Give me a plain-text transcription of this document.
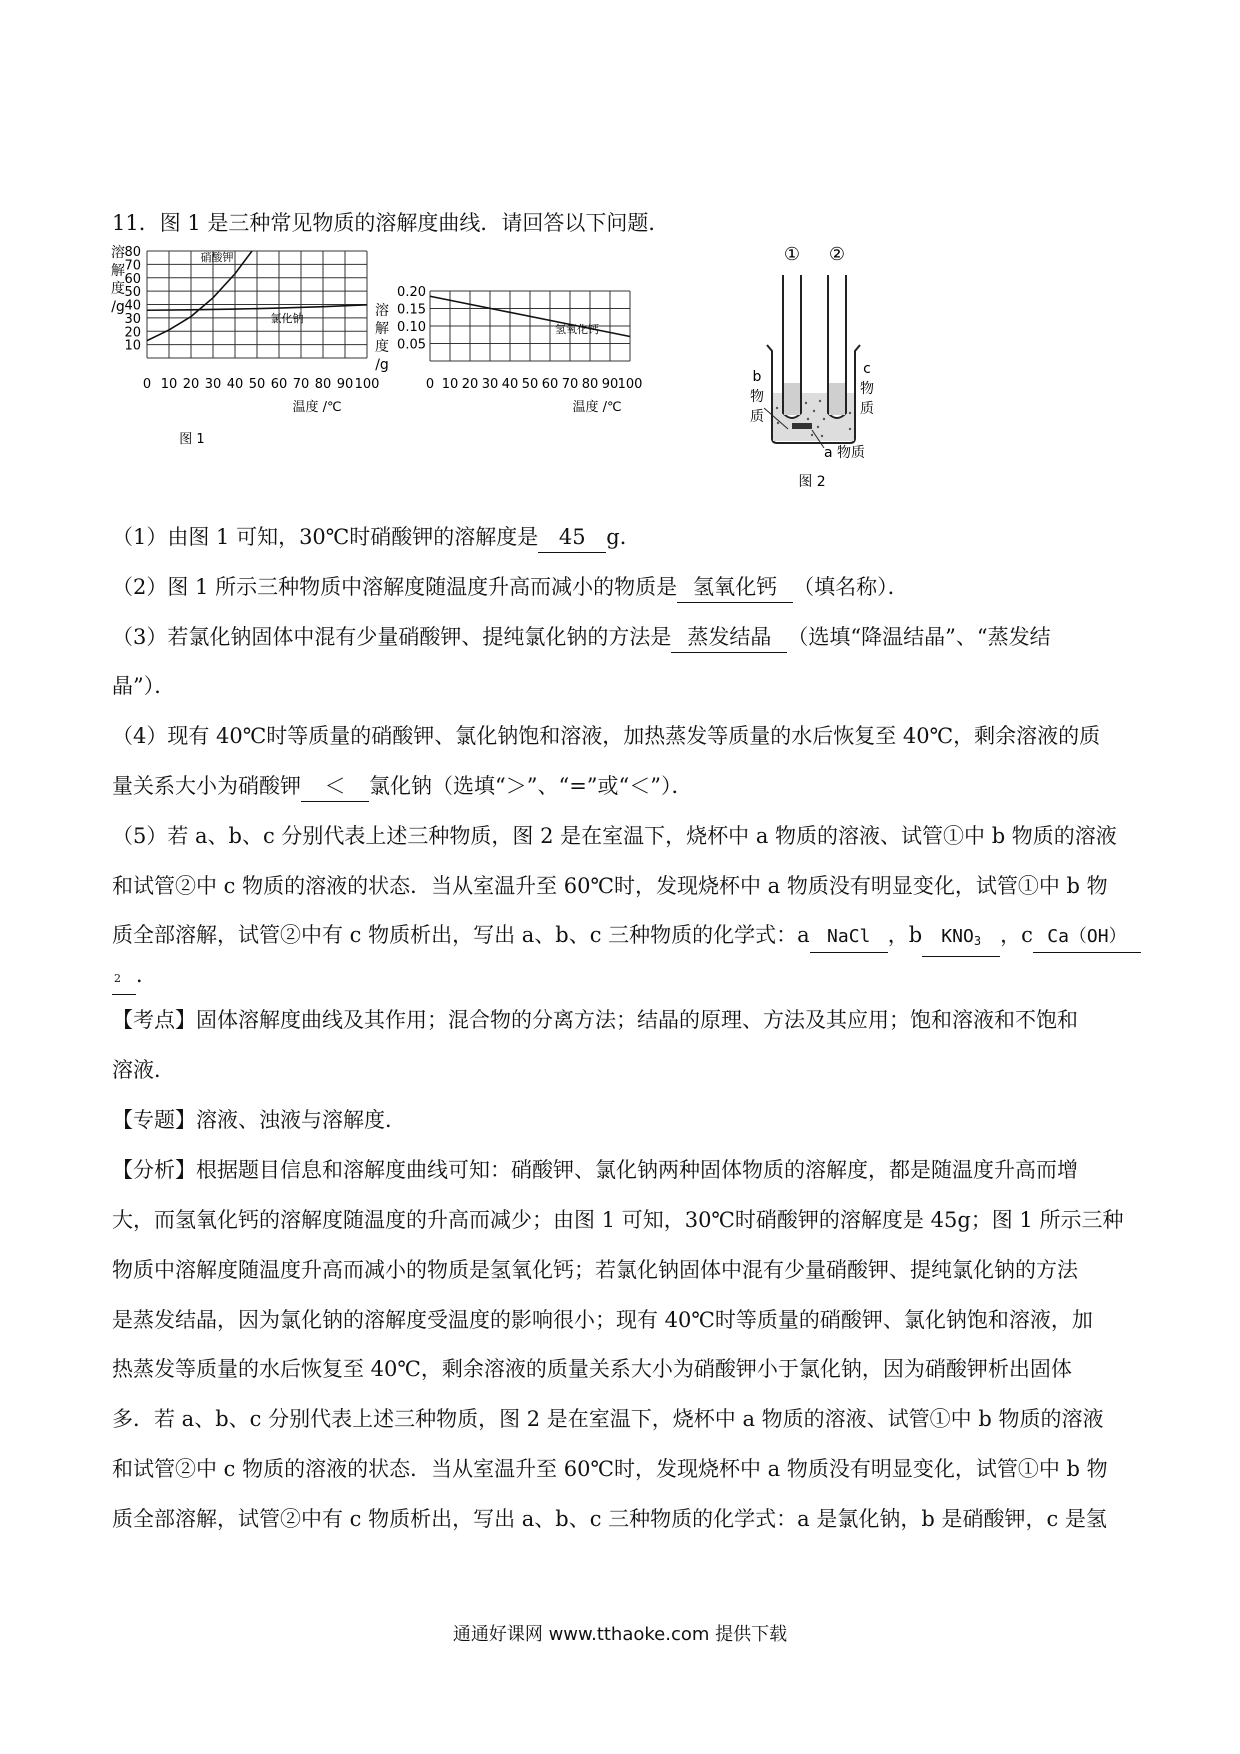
11．图 1 是三种常见物质的溶解度曲线．请回答以下问题．
80
70
60
50
40
30
20
10
0 10 20 30 40 50 60 70 80 90 100
溶
解
度
/g
温度 /℃
图 1
硝酸钾
氯化钠
0.20
0.15
0.10
0.05
0 10 20 30 40 50 60 70 80 90 100
溶
解
度
/g
温度 /℃
氢氧化钙
① ②
b
物
质
c
物
质
a 物质
图 2
（1）由图 1 可知，30℃时硝酸钾的溶解度是 45 g．
（2）图 1 所示三种物质中溶解度随温度升高而减小的物质是 氢氧化钙 （填名称）．
（3）若氯化钠固体中混有少量硝酸钾、提纯氯化钠的方法是 蒸发结晶 （选填“降温结晶”、“蒸发结
晶”）．
（4）现有 40℃时等质量的硝酸钾、氯化钠饱和溶液，加热蒸发等质量的水后恢复至 40℃，剩余溶液的质
量关系大小为硝酸钾 ＜ 氯化钠（选填“＞”、“=”或“＜”）．
（5）若 a、b、c 分别代表上述三种物质，图 2 是在室温下，烧杯中 a 物质的溶液、试管①中 b 物质的溶液
和试管②中 c 物质的溶液的状态．当从室温升至 60℃时，发现烧杯中 a 物质没有明显变化，试管①中 b 物
质全部溶解，试管②中有 c 物质析出，写出 a、b、c 三种物质的化学式：a NaCl ，b $KNO_3$ ，c Ca（OH）
2 ．
【考点】固体溶解度曲线及其作用；混合物的分离方法；结晶的原理、方法及其应用；饱和溶液和不饱和
溶液．
【专题】溶液、浊液与溶解度．
【分析】根据题目信息和溶解度曲线可知：硝酸钾、氯化钠两种固体物质的溶解度，都是随温度升高而增
大，而氢氧化钙的溶解度随温度的升高而减少；由图 1 可知，30℃时硝酸钾的溶解度是 45g；图 1 所示三种
物质中溶解度随温度升高而减小的物质是氢氧化钙；若氯化钠固体中混有少量硝酸钾、提纯氯化钠的方法
是蒸发结晶，因为氯化钠的溶解度受温度的影响很小；现有 40℃时等质量的硝酸钾、氯化钠饱和溶液，加
热蒸发等质量的水后恢复至 40℃，剩余溶液的质量关系大小为硝酸钾小于氯化钠，因为硝酸钾析出固体
多．若 a、b、c 分别代表上述三种物质，图 2 是在室温下，烧杯中 a 物质的溶液、试管①中 b 物质的溶液
和试管②中 c 物质的溶液的状态．当从室温升至 60℃时，发现烧杯中 a 物质没有明显变化，试管①中 b 物
质全部溶解，试管②中有 c 物质析出，写出 a、b、c 三种物质的化学式：a 是氯化钠，b 是硝酸钾，c 是氢
通通好课网 www.tthaoke.com 提供下载
